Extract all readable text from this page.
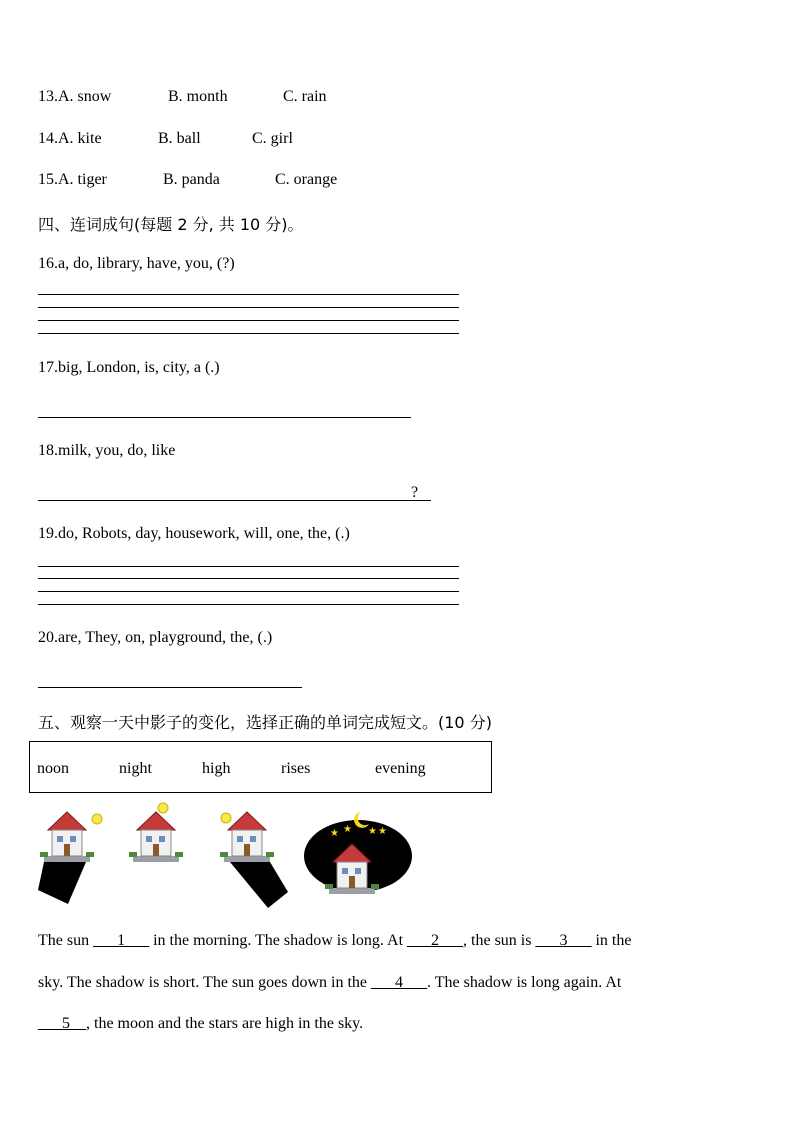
13.A. snow	B. month	C. rain
14.A. kite	B. ball	C. girl
15.A. tiger	B. panda	C. orange
四、连词成句(每题 2 分, 共 10 分)。
16.a, do, library, have, you, (?)
17.big, London, is, city, a (.)
18.milk, you, do, like
?
19.do, Robots, day, housework, will, one, the, (.)
20.are, They, on, playground, the, (.)
五、观察一天中影子的变化，选择正确的单词完成短文。(10 分)
noon	night	high	rises	evening
★ ★ ★ ★
The sun ___1___ in the morning. The shadow is long. At ___2___, the sun is ___3___ in the
sky. The shadow is short. The sun goes down in the ___4___. The shadow is long again. At
___5__, the moon and the stars are high in the sky.
